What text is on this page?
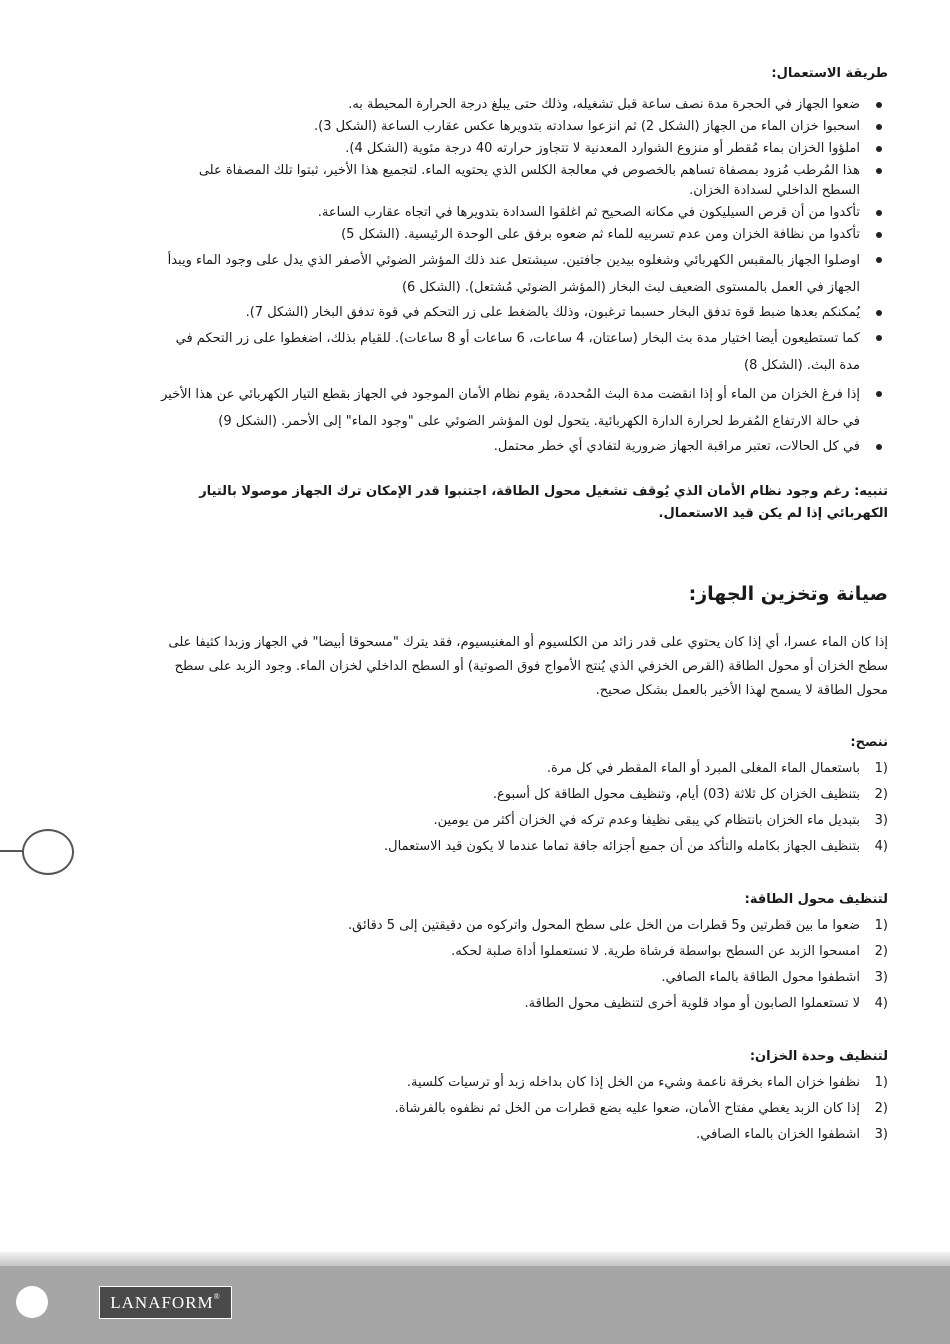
طريقة الاستعمال:
ضعوا الجهاز في الحجرة مدة نصف ساعة قبل تشغيله، وذلك حتى يبلغ درجة الحرارة المحيطة به.
اسحبوا خزان الماء من الجهاز (الشكل 2) ثم انزعوا سدادته بتدويرها عكس عقارب الساعة (الشكل 3).
املؤوا الخزان بماء مُقطر أو منزوع الشوارد المعدنية لا تتجاوز حرارته 40 درجة مئوية (الشكل 4).
هذا المُرطب مُزود بمصفاة تساهم بالخصوص في معالجة الكلس الذي يحتويه الماء. لتجميع هذا الأخير، ثبتوا تلك المصفاة على السطح الداخلي لسدادة الخزان.
تأكدوا من أن قرص السيليكون في مكانه الصحيح ثم اغلقوا السدادة بتدويرها في اتجاه عقارب الساعة.
تأكدوا من نظافة الخزان ومن عدم تسربيه للماء ثم ضعوه برفق على الوحدة الرئيسية. (الشكل 5)
اوصلوا الجهاز بالمقبس الكهربائي وشغلوه بيدين جافتين. سيشتعل عند ذلك المؤشر الضوئي الأصفر الذي يدل على وجود الماء ويبدأ الجهاز في العمل بالمستوى الضعيف لبث البخار (المؤشر الضوئي مُشتعل). (الشكل 6)
يُمكنكم بعدها ضبط قوة تدفق البخار حسبما ترغبون، وذلك بالضغط على زر التحكم في قوة تدفق البخار (الشكل 7).
كما تستطيعون أيضا اختيار مدة بث البخار (ساعتان، 4 ساعات، 6 ساعات أو 8 ساعات). للقيام بذلك، اضغطوا على زر التحكم في مدة البث. (الشكل 8)
إذا فرغ الخزان من الماء أو إذا انقضت مدة البث المُحددة، يقوم نظام الأمان الموجود في الجهاز بقطع التيار الكهربائي عن هذا الأخير في حالة الارتفاع المُفرط لحرارة الدارة الكهربائية. يتحول لون المؤشر الضوئي على "وجود الماء" إلى الأحمر. (الشكل 9)
في كل الحالات، تعتبر مراقبة الجهاز ضرورية لتفادي أي خطر محتمل.
تنبيه: رغم وجود نظام الأمان الذي يُوقف تشغيل محول الطاقة، اجتنبوا قدر الإمكان ترك الجهاز موصولا بالتيار الكهربائي إذا لم يكن قيد الاستعمال.
صيانة وتخزين الجهاز:

إذا كان الماء عسرا، أي إذا كان يحتوي على قدر زائد من الكلسيوم أو المغنيسيوم، فقد يترك "مسحوقا أبيضا" في الجهاز وزبدا كثيفا على سطح الخزان أو محول الطاقة (القرص الخزفي الذي يُنتج الأمواج فوق الصوتية) أو السطح الداخلي لخزان الماء. وجود الزبد على سطح محول الطاقة لا يسمح لهذا الأخير بالعمل بشكل صحيح.

ننصح:
1)
باستعمال الماء المغلى المبرد أو الماء المقطر في كل مرة.
2)
بتنظيف الخزان كل ثلاثة (03) أيام، وتنظيف محول الطاقة كل أسبوع.
3)
بتبديل ماء الخزان بانتظام كي يبقى نظيفا وعدم تركه في الخزان أكثر من يومين.
4)
بتنظيف الجهاز بكامله والتأكد من أن جميع أجزائه جافة تماما عندما لا يكون قيد الاستعمال.
لتنظيف محول الطاقة:
1)
ضعوا ما بين قطرتين و5 قطرات من الخل على سطح المحول واتركوه من دقيقتين إلى 5 دقائق.
2)
امسحوا الزبد عن السطح بواسطة فرشاة طرية. لا تستعملوا أداة صلبة لحكه.
3)
اشطفوا محول الطاقة بالماء الصافي.
4)
لا تستعملوا الصابون أو مواد قلوية أخرى لتنظيف محول الطاقة.
لتنظيف وحدة الخزان:
1)
نظفوا خزان الماء بخرقة ناعمة وشيء من الخل إذا كان بداخله زبد أو ترسيات كلسية.
2)
إذا كان الزبد يغطي مفتاح الأمان، ضعوا عليه بضع قطرات من الخل ثم نظفوه بالفرشاة.
3)
اشطفوا الخزان بالماء الصافي.
LANAFORM®
